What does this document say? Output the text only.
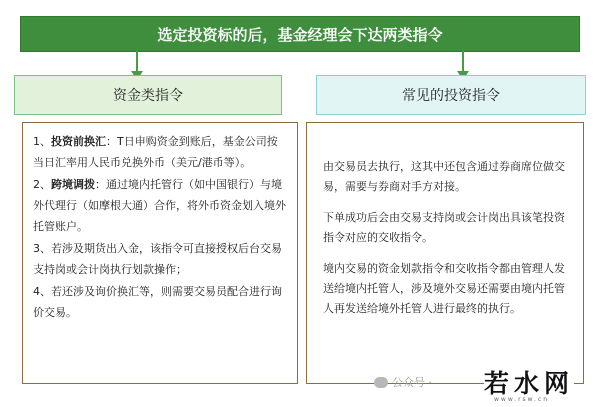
选定投资标的后，基金经理会下达两类指令
资金类指令	常见的投资指令
1、投资前换汇：T日申购资金到账后，基金公司按当日汇率用人民币兑换外币（美元/港币等）。
2、跨境调拨：通过境内托管行（如中国银行）与境外代理行（如摩根大通）合作，将外币资金划入境外托管账户。
3、若涉及期货出入金，该指令可直接授权后台交易支持岗或会计岗执行划款操作；
4、若还涉及询价换汇等，则需要交易员配合进行询价交易。
由交易员去执行，这其中还包含通过券商席位做交易，需要与券商对手方对接。
下单成功后会由交易支持岗或会计岗出具该笔投资指令对应的交收指令。
境内交易的资金划款指令和交收指令都由管理人发送给境内托管人，涉及境外交易还需要由境内托管人再发送给境外托管人进行最终的执行。
公众号 · 若水网
www.rsw.cn
